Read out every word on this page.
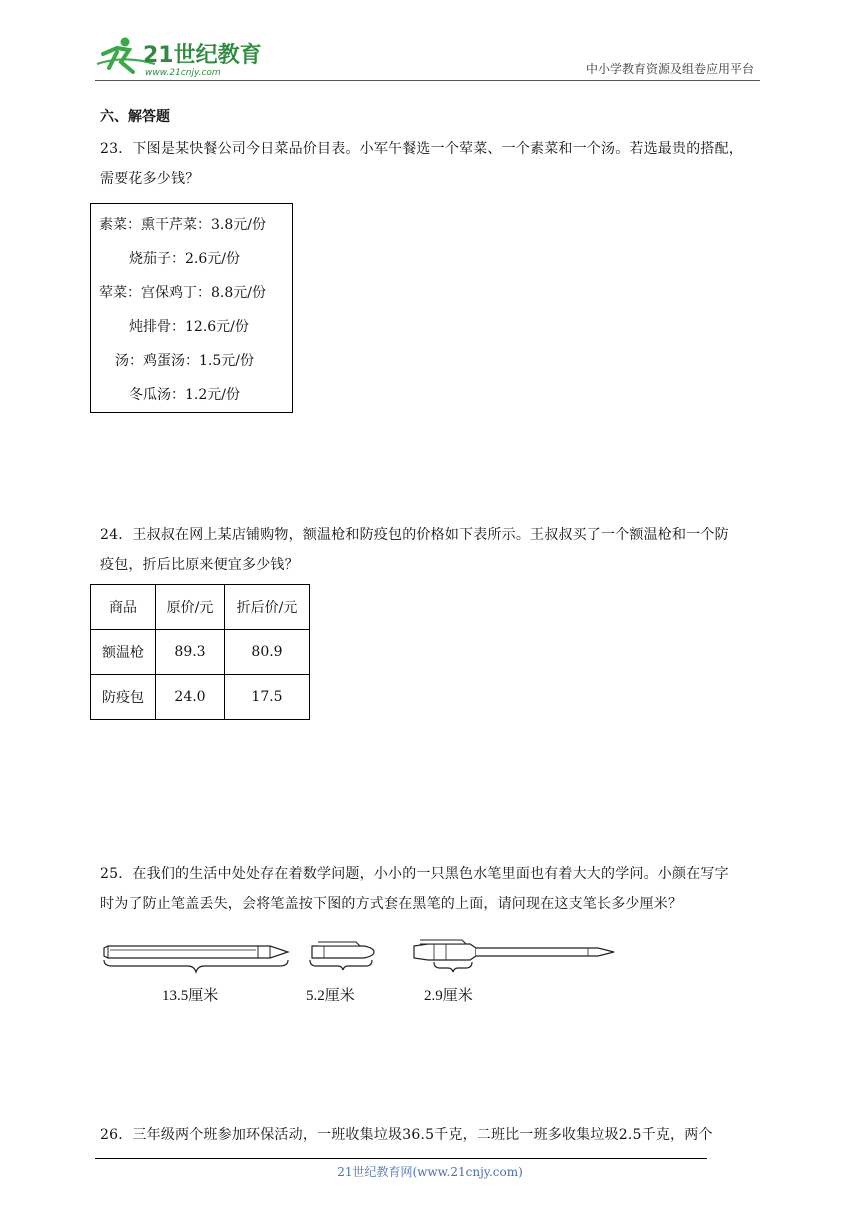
21世纪教育
www.21cnjy.com	中小学教育资源及组卷应用平台
六、解答题
23．下图是某快餐公司今日菜品价目表。小军午餐选一个荤菜、一个素菜和一个汤。若选最贵的搭配，
需要花多少钱？
素菜：熏干芹菜：3.8元/份
烧茄子：2.6元/份
荤菜：宫保鸡丁：8.8元/份
炖排骨：12.6元/份
汤：鸡蛋汤：1.5元/份
冬瓜汤：1.2元/份
24．王叔叔在网上某店铺购物，额温枪和防疫包的价格如下表所示。王叔叔买了一个额温枪和一个防
疫包，折后比原来便宜多少钱？
商品	原价/元	折后价/元
额温枪	89.3	80.9
防疫包	24.0	17.5
25．在我们的生活中处处存在着数学问题，小小的一只黑色水笔里面也有着大大的学问。小颜在写字
时为了防止笔盖丢失，会将笔盖按下图的方式套在黑笔的上面，请问现在这支笔长多少厘米？
13.5厘米	5.2厘米	2.9厘米
26．三年级两个班参加环保活动，一班收集垃圾36.5千克，二班比一班多收集垃圾2.5千克，两个
21世纪教育网(www.21cnjy.com)
